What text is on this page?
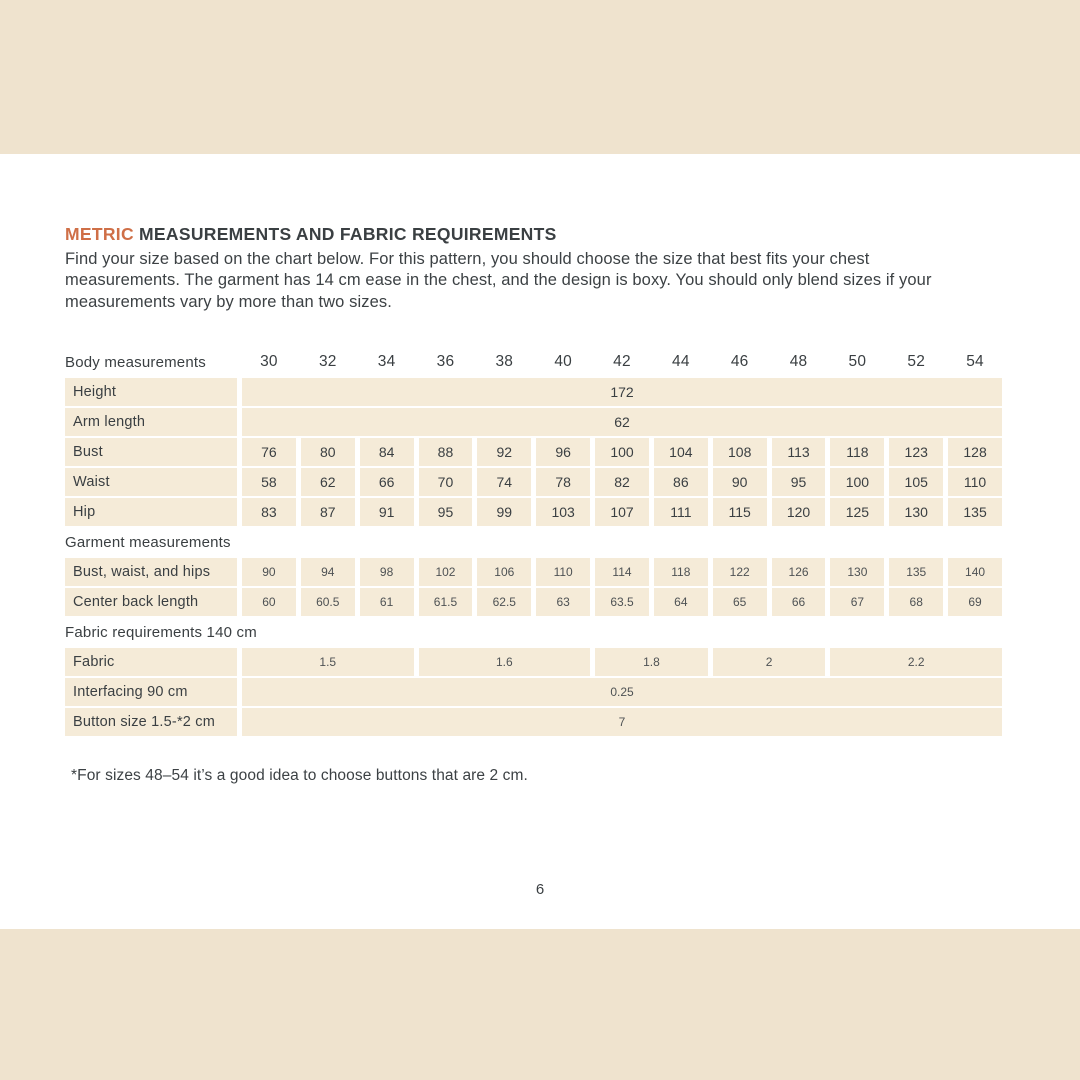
METRIC MEASUREMENTS AND FABRIC REQUIREMENTS

Find your size based on the chart below. For this pattern, you should choose the size that best fits your chest measurements. The garment has 14 cm ease in the chest, and the design is boxy. You should only blend sizes if your measurements vary by more than two sizes.

Body measurements	30	32	34	36	38	40	42	44	46	48	50	52	54
Height	172
Arm length	62
Bust	76	80	84	88	92	96	100	104	108	113	118	123	128
Waist	58	62	66	70	74	78	82	86	90	95	100	105	110
Hip	83	87	91	95	99	103	107	111	115	120	125	130	135
Garment measurements
Bust, waist, and hips	90	94	98	102	106	110	114	118	122	126	130	135	140
Center back length	60	60.5	61	61.5	62.5	63	63.5	64	65	66	67	68	69
Fabric requirements 140 cm
Fabric	1.5	1.6	1.8	2	2.2
Interfacing 90 cm	0.25
Button size 1.5-*2 cm	7

*For sizes 48–54 it’s a good idea to choose buttons that are 2 cm.

6
